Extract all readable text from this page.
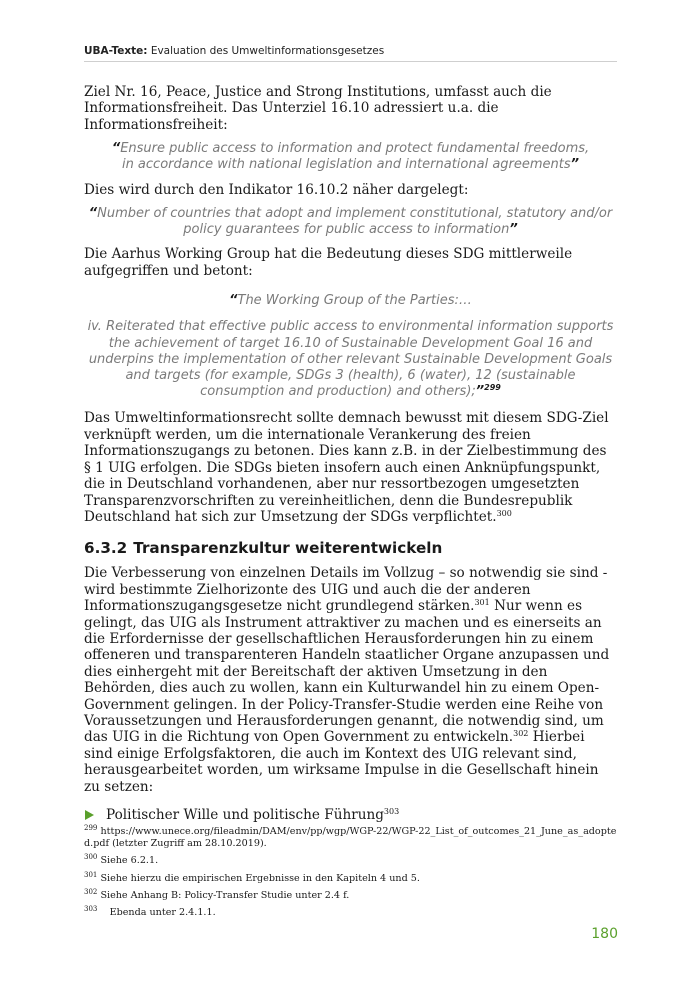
UBA-Texte: Evaluation des Umweltinformationsgesetzes

Ziel Nr. 16, Peace, Justice and Strong Institutions, umfasst auch die Informationsfreiheit. Das Unterziel 16.10 adressiert u.a. die Informationsfreiheit:

“Ensure public access to information and protect fundamental freedoms, in accordance with national legislation and international agreements”

Dies wird durch den Indikator 16.10.2 näher dargelegt:

“Number of countries that adopt and implement constitutional, statutory and/or policy guarantees for public access to information”

Die Aarhus Working Group hat die Bedeutung dieses SDG mittlerweile aufgegriffen und betont:

“The Working Group of the Parties:…
iv. Reiterated that effective public access to environmental information supports the achievement of target 16.10 of Sustainable Development Goal 16 and underpins the implementation of other relevant Sustainable Development Goals and targets (for example, SDGs 3 (health), 6 (water), 12 (sustainable consumption and production) and others);”$^{299}$

Das Umweltinformationsrecht sollte demnach bewusst mit diesem SDG-Ziel verknüpft werden, um die internationale Verankerung des freien Informationszugangs zu betonen. Dies kann z.B. in der Zielbestimmung des § 1 UIG erfolgen. Die SDGs bieten insofern auch einen Anknüpfungspunkt, die in Deutschland vorhandenen, aber nur ressortbezogen umgesetzten Transparenzvorschriften zu vereinheitlichen, denn die Bundesrepublik Deutschland hat sich zur Umsetzung der SDGs verpflichtet.$^{300}$

6.3.2 Transparenzkultur weiterentwickeln

Die Verbesserung von einzelnen Details im Vollzug – so notwendig sie sind - wird bestimmte Zielhorizonte des UIG und auch die der anderen Informationszugangsgesetze nicht grundlegend stärken.$^{301}$ Nur wenn es gelingt, das UIG als Instrument attraktiver zu machen und es einerseits an die Erfordernisse der gesellschaftlichen Herausforderungen hin zu einem offeneren und transparenteren Handeln staatlicher Organe anzupassen und dies einhergeht mit der Bereitschaft der aktiven Umsetzung in den Behörden, dies auch zu wollen, kann ein Kulturwandel hin zu einem Open-Government gelingen. In der Policy-Transfer-Studie werden eine Reihe von Voraussetzungen und Herausforderungen genannt, die notwendig sind, um das UIG in die Richtung von Open Government zu entwickeln.$^{302}$ Hierbei sind einige Erfolgsfaktoren, die auch im Kontext des UIG relevant sind, herausgearbeitet worden, um wirksame Impulse in die Gesellschaft hinein zu setzen:

Politischer Wille und politische Führung$^{303}$
$^{299}$ https://www.unece.org/fileadmin/DAM/env/pp/wgp/WGP-22/WGP-22_List_of_outcomes_21_June_as_adopted.pdf (letzter Zugriff am 28.10.2019).
$^{300}$ Siehe 6.2.1.
$^{301}$ Siehe hierzu die empirischen Ergebnisse in den Kapiteln 4 und 5.
$^{302}$ Siehe Anhang B: Policy-Transfer Studie unter 2.4 f.
$^{303}$    Ebenda unter 2.4.1.1.
180
